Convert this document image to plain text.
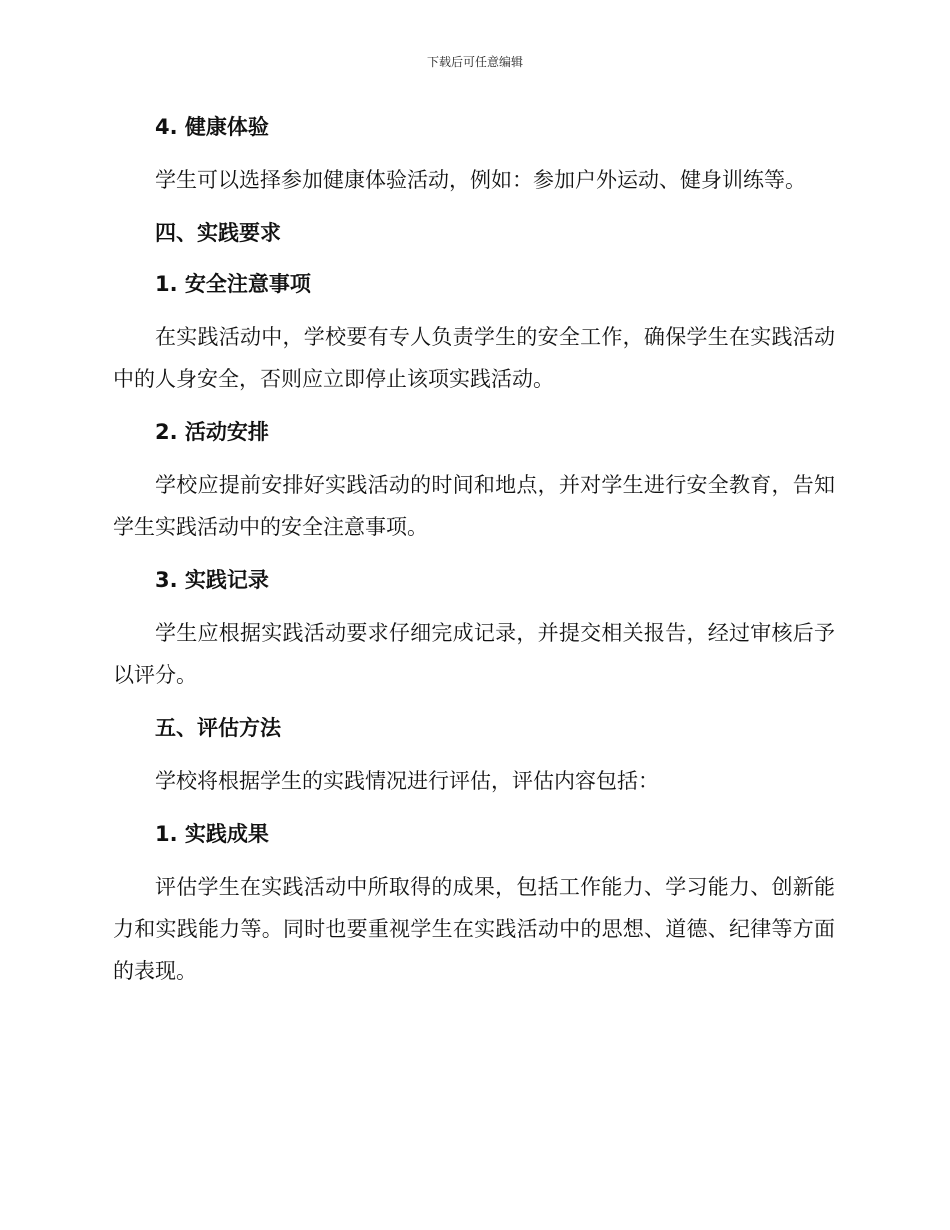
下载后可任意编辑

4. 健康体验

学生可以选择参加健康体验活动，例如：参加户外运动、健身训练等。

四、实践要求

1. 安全注意事项

在实践活动中，学校要有专人负责学生的安全工作，确保学生在实践活动中的人身安全，否则应立即停止该项实践活动。

2. 活动安排

学校应提前安排好实践活动的时间和地点，并对学生进行安全教育，告知学生实践活动中的安全注意事项。

3. 实践记录

学生应根据实践活动要求仔细完成记录，并提交相关报告，经过审核后予以评分。

五、评估方法

学校将根据学生的实践情况进行评估，评估内容包括：

1. 实践成果

评估学生在实践活动中所取得的成果，包括工作能力、学习能力、创新能力和实践能力等。同时也要重视学生在实践活动中的思想、道德、纪律等方面的表现。
